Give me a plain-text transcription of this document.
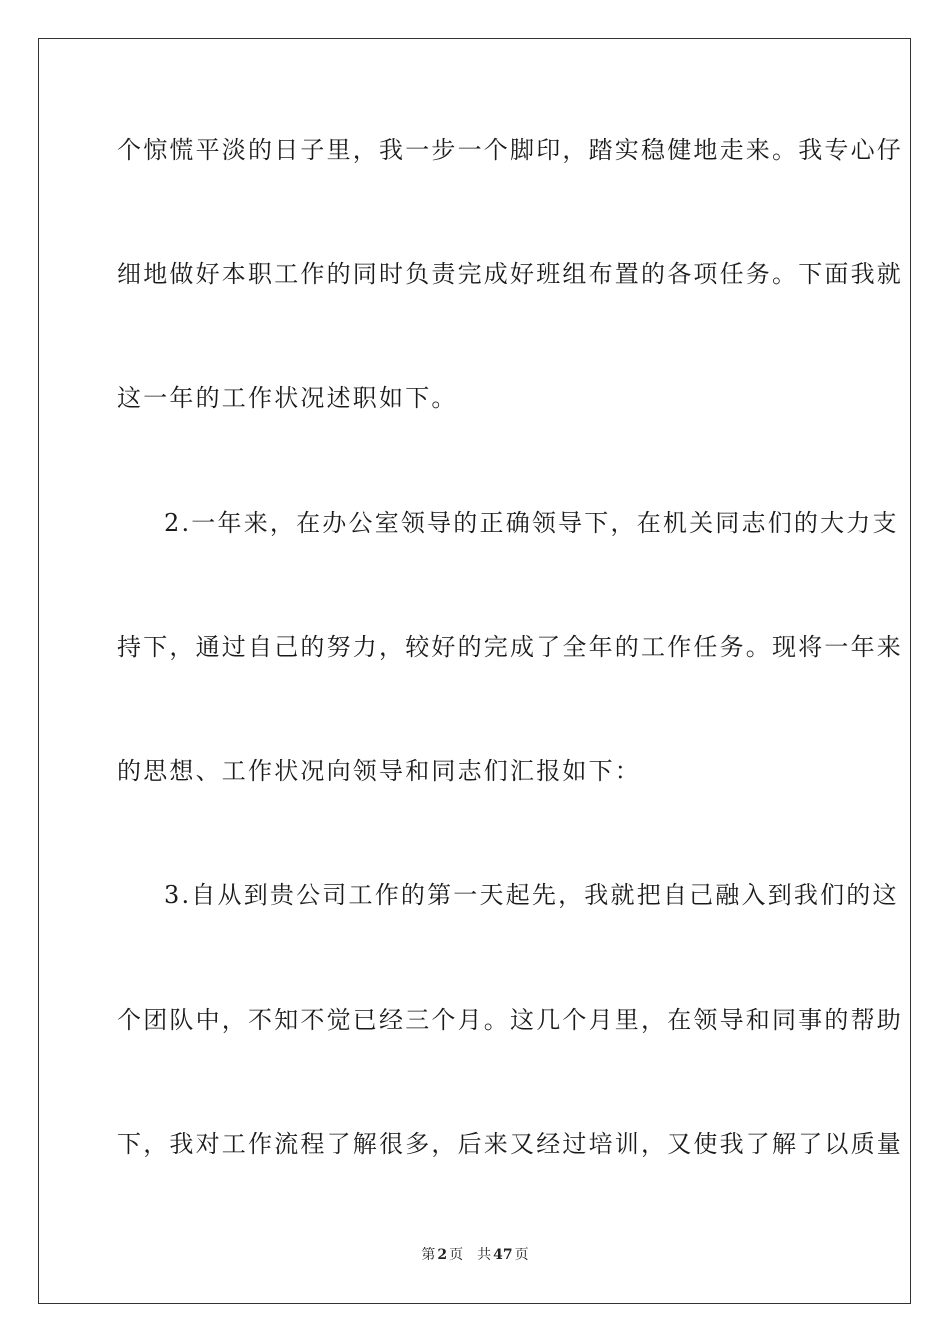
个惊慌平淡的日子里，我一步一个脚印，踏实稳健地走来。我专心仔
细地做好本职工作的同时负责完成好班组布置的各项任务。下面我就
这一年的工作状况述职如下。
2.一年来，在办公室领导的正确领导下，在机关同志们的大力支
持下，通过自己的努力，较好的完成了全年的工作任务。现将一年来
的思想、工作状况向领导和同志们汇报如下：
3.自从到贵公司工作的第一天起先，我就把自己融入到我们的这
个团队中，不知不觉已经三个月。这几个月里，在领导和同事的帮助
下，我对工作流程了解很多，后来又经过培训，又使我了解了以质量
第 2 页 共 47 页
